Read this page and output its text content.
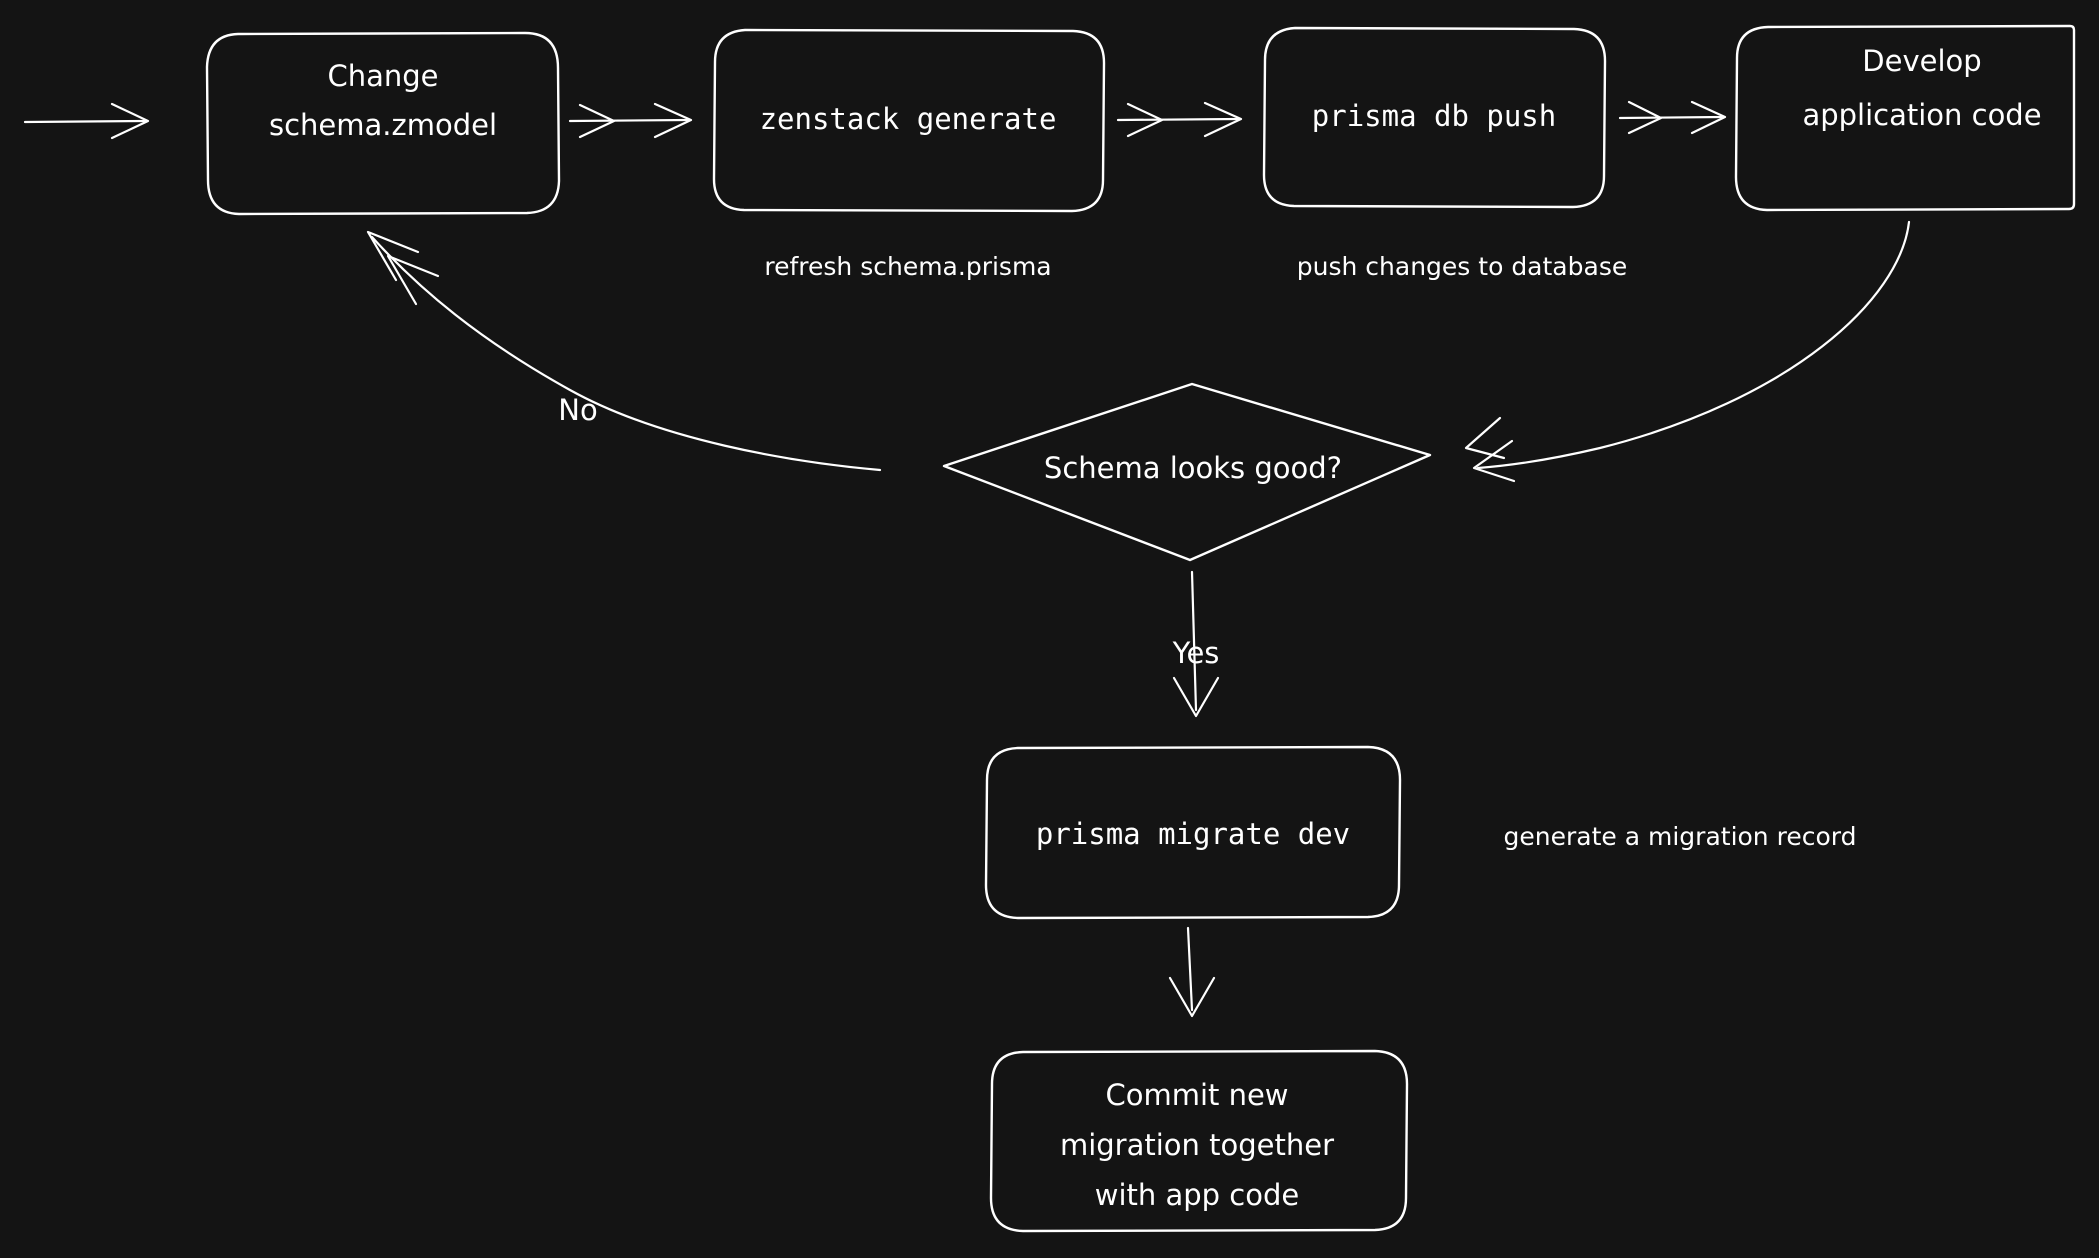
Change
schema.zmodel	zenstack generate
refresh schema.prisma
prisma db push
push changes to database
Develop
application code
Schema looks good?
No
Yes
prisma migrate dev	generate a migration record
Commit new
migration together
with app code
